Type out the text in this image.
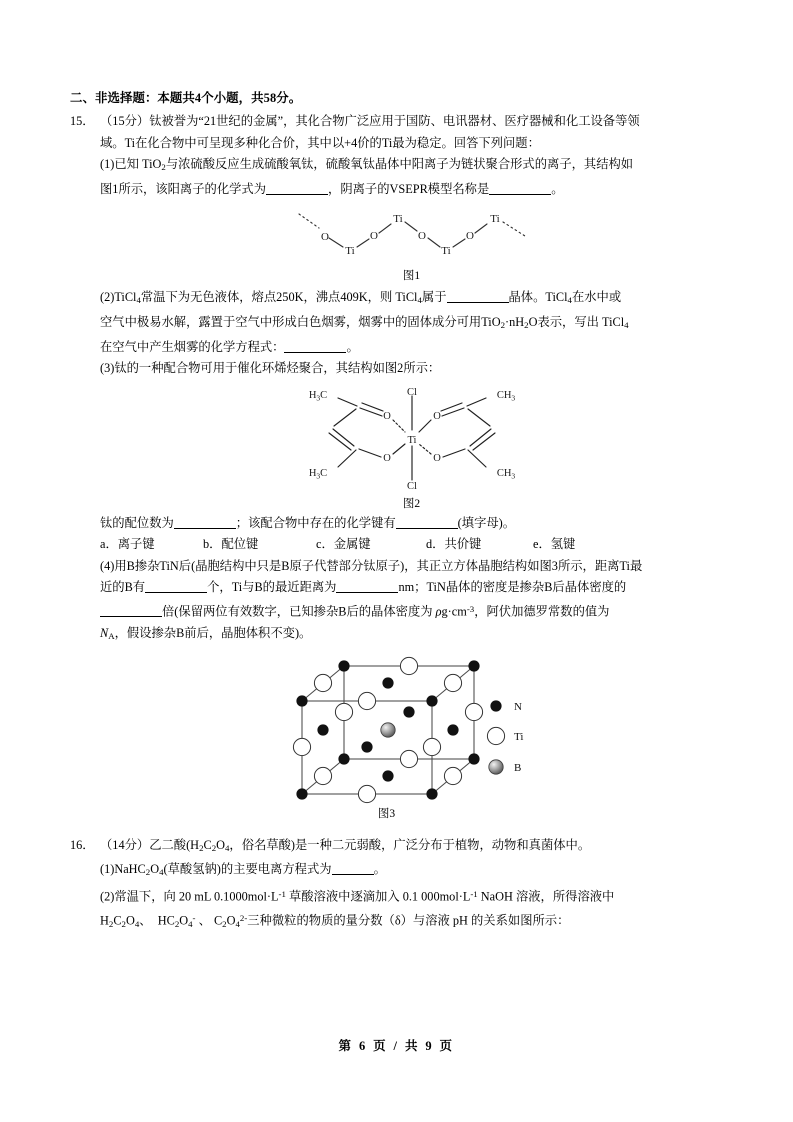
二、非选择题：本题共4个小题，共58分。
15． （15分）钛被誉为“21世纪的金属”，其化合物广泛应用于国防、电讯器材、医疗器械和化工设备等领
域。Ti在化合物中可呈现多种化合价，其中以+4价的Ti最为稳定。回答下列问题：
(1)已知 TiO$_2$与浓硫酸反应生成硫酸氧钛，硫酸氧钛晶体中阳离子为链状聚合形式的离子，其结构如
图1所示，该阳离子的化学式为	，阴离子的VSEPR模型名称是	。
O
Ti
O
Ti
O
Ti
O
Ti
图1
(2)TiCl$_4$常温下为无色液体，熔点250K，沸点409K，则 TiCl$_4$属于	晶体。TiCl$_4$在水中或
空气中极易水解，露置于空气中形成白色烟雾，烟雾中的固体成分可用$TiO_2\cdot nH_2O$表示，写出 TiCl$_4$
在空气中产生烟雾的化学方程式：	。
(3)钛的一种配合物可用于催化环烯烃聚合，其结构如图2所示：
$H_3C$
$H_3C$
$CH_3$
$CH_3$
O
O
O
O
Cl
Cl
Ti
图2
钛的配位数为	；该配合物中存在的化学键有	(填字母)。
a．离子键	b．配位键	c．金属键	d．共价键	e．氢键
(4)用B掺杂TiN后(晶胞结构中只是B原子代替部分钛原子)，其正立方体晶胞结构如图3所示，距离Ti最
近的B有	个，Ti与B的最近距离为	nm；TiN晶体的密度是掺杂B后晶体密度的
倍(保留两位有效数字，已知掺杂B后的晶体密度为 $\rho g\cdot cm^{-3}$，阿伏加德罗常数的值为
$N_A$，假设掺杂B前后，晶胞体积不变)。
N
Ti
B
图3
16． （14分）乙二酸($H_2C_2O_4$，俗名草酸)是一种二元弱酸，广泛分布于植物，动物和真菌体中。
$(1)NaHC_2O_4$(草酸氢钠)的主要电离方程式为	。
(2)常温下，向 20 mL $0.1000mol\cdot L^{-1}$ 草酸溶液中逐滴加入 0.1 $000mol\cdot L^{-1}$ NaOH 溶液，所得溶液中
$H_2C_2O_4$、 $HC_2O_4^-$ 、 $C_2O_4^{2-}$三种微粒的物质的量分数（δ）与溶液 pH 的关系如图所示：
第 6 页 / 共 9 页
